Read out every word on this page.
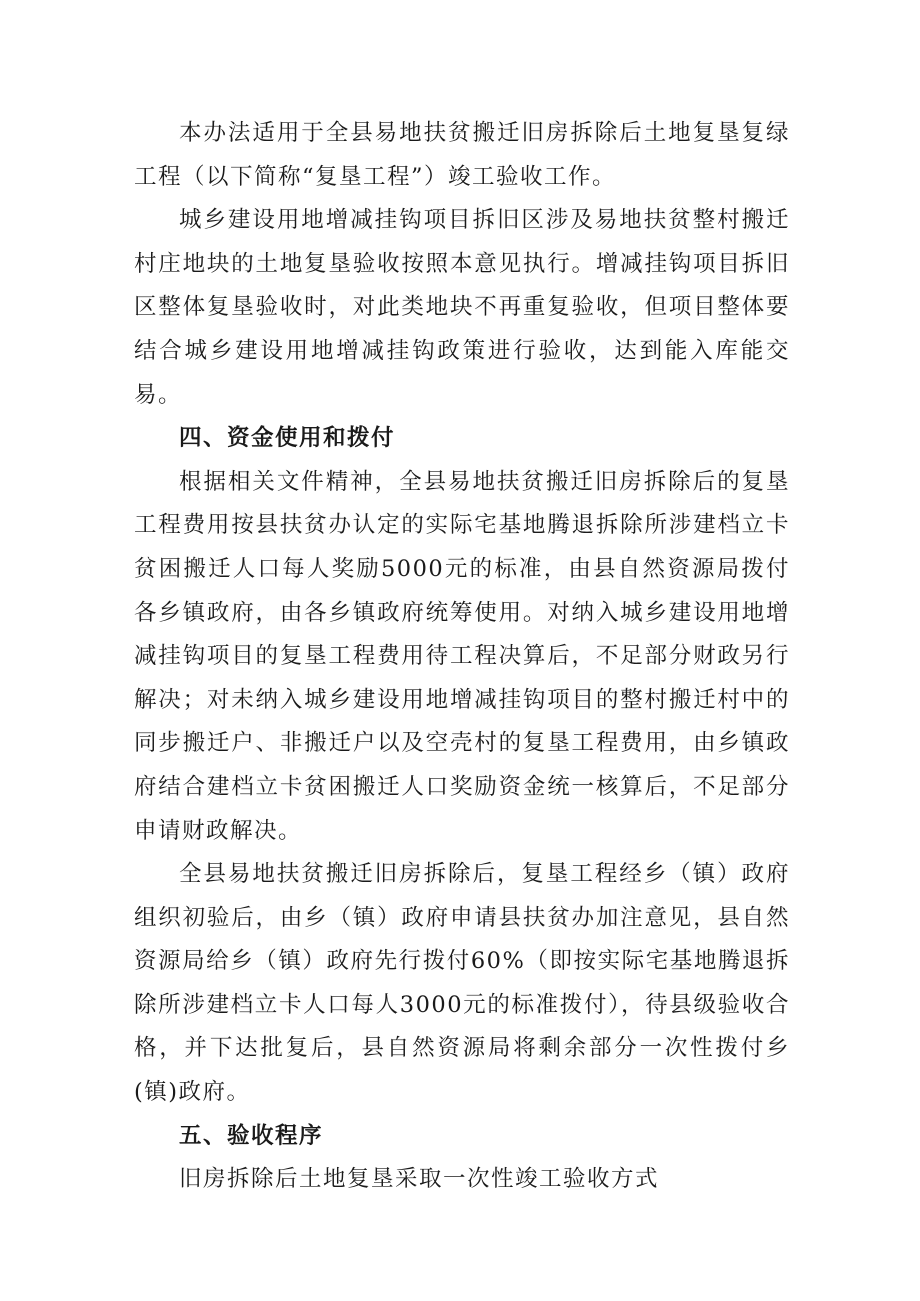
本办法适用于全县易地扶贫搬迁旧房拆除后土地复垦复绿工程（以下简称“复垦工程”）竣工验收工作。

城乡建设用地增减挂钩项目拆旧区涉及易地扶贫整村搬迁村庄地块的土地复垦验收按照本意见执行。增减挂钩项目拆旧区整体复垦验收时，对此类地块不再重复验收，但项目整体要结合城乡建设用地增减挂钩政策进行验收，达到能入库能交易。

四、资金使用和拨付

根据相关文件精神，全县易地扶贫搬迁旧房拆除后的复垦工程费用按县扶贫办认定的实际宅基地腾退拆除所涉建档立卡贫困搬迁人口每人奖励5000元的标准，由县自然资源局拨付各乡镇政府，由各乡镇政府统筹使用。对纳入城乡建设用地增减挂钩项目的复垦工程费用待工程决算后，不足部分财政另行解决；对未纳入城乡建设用地增减挂钩项目的整村搬迁村中的同步搬迁户、非搬迁户以及空壳村的复垦工程费用，由乡镇政府结合建档立卡贫困搬迁人口奖励资金统一核算后，不足部分申请财政解决。

全县易地扶贫搬迁旧房拆除后，复垦工程经乡（镇）政府组织初验后，由乡（镇）政府申请县扶贫办加注意见，县自然资源局给乡（镇）政府先行拨付60%（即按实际宅基地腾退拆除所涉建档立卡人口每人3000元的标准拨付），待县级验收合格，并下达批复后，县自然资源局将剩余部分一次性拨付乡(镇)政府。

五、验收程序

旧房拆除后土地复垦采取一次性竣工验收方式
